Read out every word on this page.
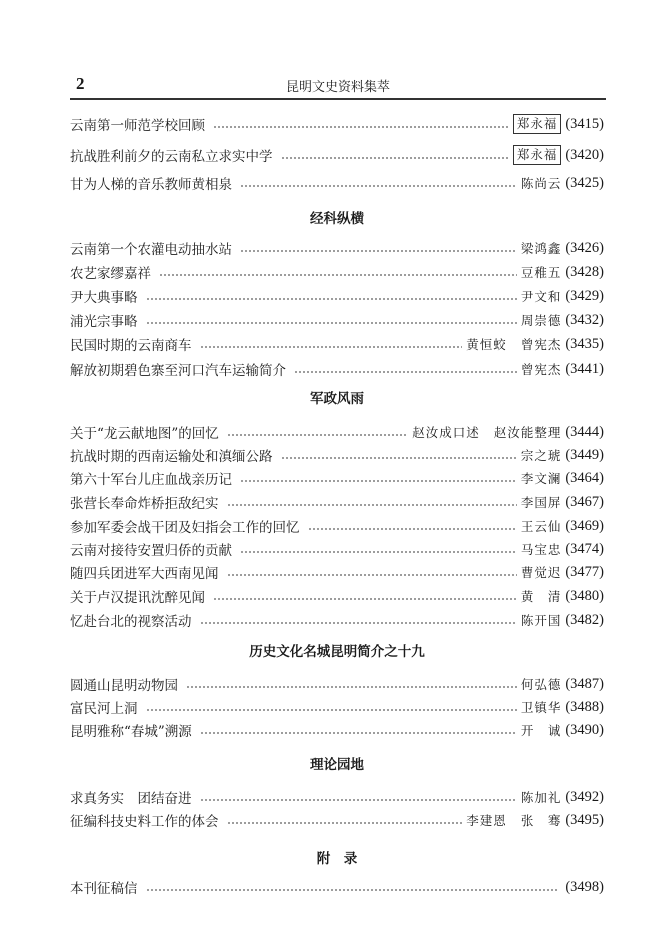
2	昆明文史资料集萃
云南第一师范学校回顾	郑永福 (3415)
抗战胜利前夕的云南私立求实中学	郑永福 (3420)
甘为人梯的音乐教师黄相泉	陈尚云 (3425)
经科纵横
云南第一个农灌电动抽水站	梁鸿鑫 (3426)
农艺家缪嘉祥	豆稚五 (3428)
尹大典事略	尹文和 (3429)
浦光宗事略	周崇德 (3432)
民国时期的云南商车	黄恒蛟 曾宪杰 (3435)
解放初期碧色寨至河口汽车运输简介	曾宪杰 (3441)
军政风雨
关于“龙云献地图”的回忆	赵汝成口述 赵汝能整理 (3444)
抗战时期的西南运输处和滇缅公路	宗之琥 (3449)
第六十军台儿庄血战亲历记	李文澜 (3464)
张营长奉命炸桥拒敌纪实	李国屏 (3467)
参加军委会战干团及妇指会工作的回忆	王云仙 (3469)
云南对接待安置归侨的贡献	马宝忠 (3474)
随四兵团进军大西南见闻	曹觉迟 (3477)
关于卢汉提讯沈醉见闻	黄　清 (3480)
忆赴台北的视察活动	陈开国 (3482)
历史文化名城昆明简介之十九
圆通山昆明动物园	何弘德 (3487)
富民河上洞	卫镇华 (3488)
昆明雅称“春城”溯源	开　诚 (3490)
理论园地
求真务实　团结奋进	陈加礼 (3492)
征编科技史料工作的体会	李建恩 张　骞 (3495)
附　录
本刊征稿信	(3498)
